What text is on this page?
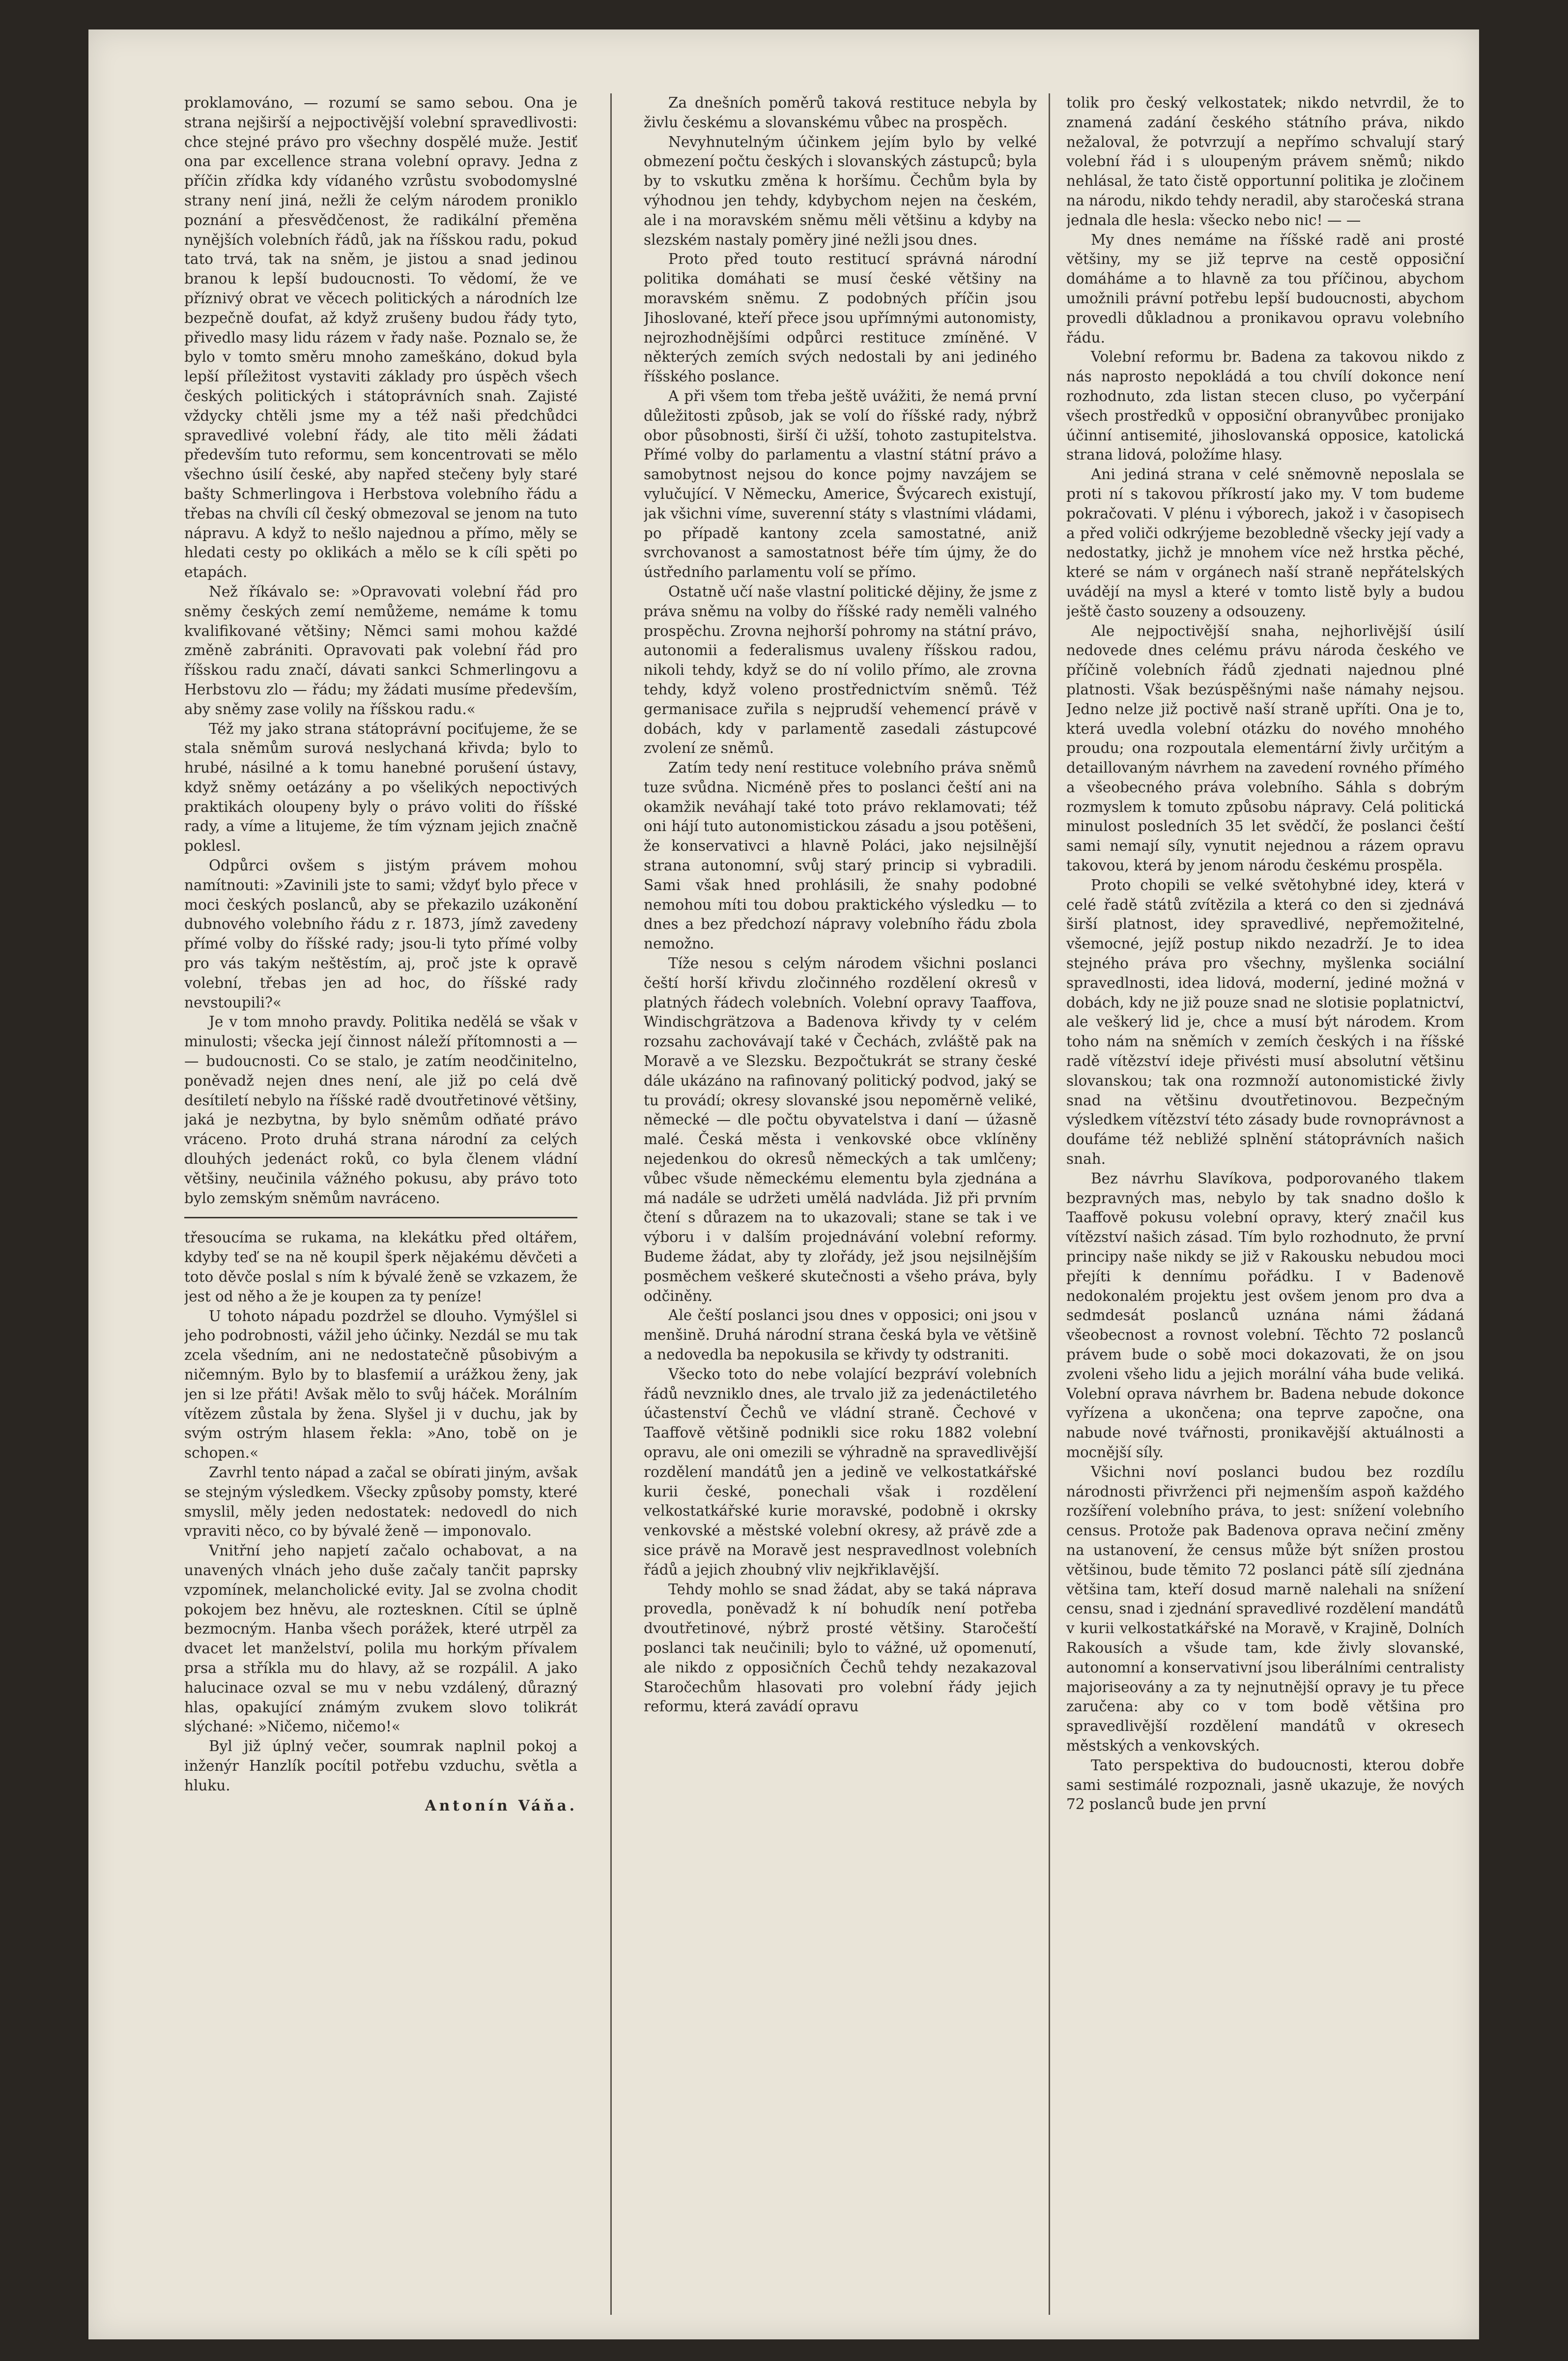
proklamováno, — rozumí se samo sebou. Ona je strana nejširší a nejpoctivější volební spravedlivosti: chce stejné právo pro všechny dospělé muže. Jestiť ona par excellence strana volební opravy. Jedna z příčin zřídka kdy vídaného vzrůstu svobodomyslné strany není jiná, nežli že celým národem proniklo poznání a přesvědčenost, že radikální přeměna nynějších volebních řádů, jak na říšskou radu, pokud tato trvá, tak na sněm, je jistou a snad jedinou branou k lepší budoucnosti. To vědomí, že ve příznivý obrat ve věcech politických a národních lze bezpečně doufat, až když zrušeny budou řády tyto, přivedlo masy lidu rázem v řady naše. Poznalo se, že bylo v tomto směru mnoho zameškáno, dokud byla lepší příležitost vystaviti základy pro úspěch všech českých politických i státoprávních snah. Zajisté vždycky chtěli jsme my a též naši předchůdci spravedlivé volební řády, ale tito měli žádati především tuto reformu, sem koncentrovati se mělo všechno úsilí české, aby napřed stečeny byly staré bašty Schmerlingova i Herbstova volebního řádu a třebas na chvíli cíl český obmezoval se jenom na tuto nápravu. A když to nešlo najednou a přímo, měly se hledati cesty po oklikách a mělo se k cíli spěti po etapách.

Než říkávalo se: »Opravovati volební řád pro sněmy českých zemí nemůžeme, nemáme k tomu kvalifikované většiny; Němci sami mohou každé změně zabrániti. Opravovati pak volební řád pro říšskou radu značí, dávati sankci Schmerlingovu a Herbstovu zlo — řádu; my žádati musíme především, aby sněmy zase volily na říšskou radu.«

Též my jako strana státoprávní pociťujeme, že se stala sněmům surová neslychaná křivda; bylo to hrubé, násilné a k tomu hanebné porušení ústavy, když sněmy oetázány a po všelikých nepoctivých praktikách oloupeny byly o právo voliti do říšské rady, a víme a litujeme, že tím význam jejich značně poklesl.

Odpůrci ovšem s jistým právem mohou namítnouti: »Zavinili jste to sami; vždyť bylo přece v moci českých poslanců, aby se překazilo uzákonění dubnového volebního řádu z r. 1873, jímž zavedeny přímé volby do říšské rady; jsou-li tyto přímé volby pro vás takým neštěstím, aj, proč jste k opravě volební, třebas jen ad hoc, do říšské rady nevstoupili?«

Je v tom mnoho pravdy. Politika nedělá se však v minulosti; všecka její činnost náleží přítomnosti a — — budoucnosti. Co se stalo, je zatím neodčinitelno, poněvadž nejen dnes není, ale již po celá dvě desítiletí nebylo na říšské radě dvoutřetinové většiny, jaká je nezbytna, by bylo sněmům odňaté právo vráceno. Proto druhá strana národní za celých dlouhých jedenáct roků, co byla členem vládní většiny, neučinila vážného pokusu, aby právo toto bylo zemským sněmům navráceno.

třesoucíma se rukama, na klekátku před oltářem, kdyby teď se na ně koupil šperk nějakému děvčeti a toto děvče poslal s ním k bývalé ženě se vzkazem, že jest od něho a že je koupen za ty peníze!

U tohoto nápadu pozdržel se dlouho. Vymýšlel si jeho podrobnosti, vážil jeho účinky. Nezdál se mu tak zcela všedním, ani ne nedostatečně působivým a ničemným. Bylo by to blasfemií a urážkou ženy, jak jen si lze přáti! Avšak mělo to svůj háček. Morálním vítězem zůstala by žena. Slyšel ji v duchu, jak by svým ostrým hlasem řekla: »Ano, tobě on je schopen.«

Zavrhl tento nápad a začal se obírati jiným, avšak se stejným výsledkem. Všecky způsoby pomsty, které smyslil, měly jeden nedostatek: nedovedl do nich vpraviti něco, co by bývalé ženě — imponovalo.

Vnitřní jeho napjetí začalo ochabovat, a na unavených vlnách jeho duše začaly tančit paprsky vzpomínek, melancholické evity. Jal se zvolna chodit pokojem bez hněvu, ale roztesknen. Cítil se úplně bezmocným. Hanba všech porážek, které utrpěl za dvacet let manželství, polila mu horkým přívalem prsa a stříkla mu do hlavy, až se rozpálil. A jako halucinace ozval se mu v nebu vzdálený, důrazný hlas, opakující známým zvukem slovo tolikrát slýchané: »Ničemo, ničemo!«

Byl již úplný večer, soumrak naplnil pokoj a inženýr Hanzlík pocítil potřebu vzduchu, světla a hluku.

Antonín Váňa.

Za dnešních poměrů taková restituce nebyla by živlu českému a slovanskému vůbec na prospěch.

Nevyhnutelným účinkem jejím bylo by velké obmezení počtu českých i slovanských zástupců; byla by to vskutku změna k horšímu. Čechům byla by výhodnou jen tehdy, kdybychom nejen na českém, ale i na moravském sněmu měli většinu a kdyby na slezském nastaly poměry jiné nežli jsou dnes.

Proto před touto restitucí správná národní politika domáhati se musí české většiny na moravském sněmu. Z podobných příčin jsou Jihoslované, kteří přece jsou upřímnými autonomisty, nejrozhodnějšími odpůrci restituce zmíněné. V některých zemích svých nedostali by ani jediného říšského poslance.

A při všem tom třeba ještě uvážiti, že nemá první důležitosti způsob, jak se volí do říšské rady, nýbrž obor působnosti, širší či užší, tohoto zastupitelstva. Přímé volby do parlamentu a vlastní státní právo a samobytnost nejsou do konce pojmy navzájem se vylučující. V Německu, Americe, Švýcarech existují, jak všichni víme, suverenní státy s vlastními vládami, po případě kantony zcela samostatné, aniž svrchovanost a samostatnost béře tím újmy, že do ústředního parlamentu volí se přímo.

Ostatně učí naše vlastní politické dějiny, že jsme z práva sněmu na volby do říšské rady neměli valného prospěchu. Zrovna nejhorší pohromy na státní právo, autonomii a federalismus uvaleny říšskou radou, nikoli tehdy, když se do ní volilo přímo, ale zrovna tehdy, když voleno prostřednictvím sněmů. Též germanisace zuřila s nejprudší vehemencí právě v dobách, kdy v parlamentě zasedali zástupcové zvolení ze sněmů.

Zatím tedy není restituce volebního práva sněmů tuze svůdna. Nicméně přes to poslanci čeští ani na okamžik neváhají také toto právo reklamovati; též oni hájí tuto autonomistickou zásadu a jsou potěšeni, že konservativci a hlavně Poláci, jako nejsilnější strana autonomní, svůj starý princip si vybradili. Sami však hned prohlásili, že snahy podobné nemohou míti tou dobou praktického výsledku — to dnes a bez předchozí nápravy volebního řádu zbola nemožno.

Tíže nesou s celým národem všichni poslanci čeští horší křivdu zločinného rozdělení okresů v platných řádech volebních. Volební opravy Taaffova, Windischgrätzova a Badenova křivdy ty v celém rozsahu zachovávají také v Čechách, zvláště pak na Moravě a ve Slezsku. Bezpočtukrát se strany české dále ukázáno na rafinovaný politický podvod, jaký se tu provádí; okresy slovanské jsou nepoměrně veliké, německé — dle počtu obyvatelstva i daní — úžasně malé. Česká města i venkovské obce vklíněny nejedenkou do okresů německých a tak umlčeny; vůbec všude německému elementu byla zjednána a má nadále se udržeti umělá nadvláda. Již při prvním čtení s důrazem na to ukazovali; stane se tak i ve výboru i v dalším projednávání volební reformy. Budeme žádat, aby ty zlořády, jež jsou nejsilnějším posměchem veškeré skutečnosti a všeho práva, byly odčiněny.

Ale čeští poslanci jsou dnes v opposici; oni jsou v menšině. Druhá národní strana česká byla ve většině a nedovedla ba nepokusila se křivdy ty odstraniti.

Všecko toto do nebe volající bezpráví volebních řádů nevzniklo dnes, ale trvalo již za jedenáctiletého účastenství Čechů ve vládní straně. Čechové v Taaffově většině podnikli sice roku 1882 volební opravu, ale oni omezili se výhradně na spravedlivější rozdělení mandátů jen a jedině ve velkostatkářské kurii české, ponechali však i rozdělení velkostatkářské kurie moravské, podobně i okrsky venkovské a městské volební okresy, až právě zde a sice právě na Moravě jest nespravedlnost volebních řádů a jejich zhoubný vliv nejkřiklavější.

Tehdy mohlo se snad žádat, aby se taká náprava provedla, poněvadž k ní bohudík není potřeba dvoutřetinové, nýbrž prosté většiny. Staročeští poslanci tak neučinili; bylo to vážné, už opomenutí, ale nikdo z opposičních Čechů tehdy nezakazoval Staročechům hlasovati pro volební řády jejich reformu, která zavádí opravu

tolik pro český velkostatek; nikdo netvrdil, že to znamená zadání českého státního práva, nikdo nežaloval, že potvrzují a nepřímo schvalují starý volební řád i s uloupeným právem sněmů; nikdo nehlásal, že tato čistě opportunní politika je zločinem na národu, nikdo tehdy neradil, aby staročeská strana jednala dle hesla: všecko nebo nic! — —

My dnes nemáme na říšské radě ani prosté většiny, my se již teprve na cestě opposiční domáháme a to hlavně za tou příčinou, abychom umožnili právní potřebu lepší budoucnosti, abychom provedli důkladnou a pronikavou opravu volebního řádu.

Volební reformu br. Badena za takovou nikdo z nás naprosto nepokládá a tou chvílí dokonce není rozhodnuto, zda listan stecen cluso, po vyčerpání všech prostředků v opposiční obranyvůbec pronijako účinní antisemité, jihoslovanská opposice, katolická strana lidová, položíme hlasy.

Ani jediná strana v celé sněmovně neposlala se proti ní s takovou příkrostí jako my. V tom budeme pokračovati. V plénu i výborech, jakož i v časopisech a před voliči odkrýjeme bezobledně všecky její vady a nedostatky, jichž je mnohem více než hrstka pěché, které se nám v orgánech naší straně nepřátelských uvádějí na mysl a které v tomto listě byly a budou ještě často souzeny a odsouzeny.

Ale nejpoctivější snaha, nejhorlivější úsilí nedovede dnes celému právu národa českého ve příčině volebních řádů zjednati najednou plné platnosti. Však bezúspěšnými naše námahy nejsou. Jedno nelze již poctivě naší straně upříti. Ona je to, která uvedla volební otázku do nového mnohého proudu; ona rozpoutala elementární živly určitým a detaillovaným návrhem na zavedení rovného přímého a všeobecného práva volebního. Sáhla s dobrým rozmyslem k tomuto způsobu nápravy. Celá politická minulost posledních 35 let svědčí, že poslanci čeští sami nemají síly, vynutit nejednou a rázem opravu takovou, která by jenom národu českému prospěla.

Proto chopili se velké světohybné idey, která v celé řadě států zvítězila a která co den si zjednává širší platnost, idey spravedlivé, nepřemožitelné, všemocné, jejíž postup nikdo nezadrží. Je to idea stejného práva pro všechny, myšlenka sociální spravedlnosti, idea lidová, moderní, jediné možná v dobách, kdy ne již pouze snad ne slotisie poplatnictví, ale veškerý lid je, chce a musí být národem. Krom toho nám na sněmích v zemích českých i na říšské radě vítězství ideje přivésti musí absolutní většinu slovanskou; tak ona rozmnoží autonomistické živly snad na většinu dvoutřetinovou. Bezpečným výsledkem vítězství této zásady bude rovnoprávnost a doufáme též nebližé splnění státoprávních našich snah.

Bez návrhu Slavíkova, podporovaného tlakem bezpravných mas, nebylo by tak snadno došlo k Taaffově pokusu volební opravy, který značil kus vítězství našich zásad. Tím bylo rozhodnuto, že první principy naše nikdy se již v Rakousku nebudou moci přejíti k dennímu pořádku. I v Badenově nedokonalém projektu jest ovšem jenom pro dva a sedmdesát poslanců uznána námi žádaná všeobecnost a rovnost volební. Těchto 72 poslanců právem bude o sobě moci dokazovati, že on jsou zvoleni všeho lidu a jejich morální váha bude veliká. Volební oprava návrhem br. Badena nebude dokonce vyřízena a ukončena; ona teprve započne, ona nabude nové tvářnosti, pronikavější aktuálnosti a mocnější síly.

Všichni noví poslanci budou bez rozdílu národnosti přivrženci při nejmenším aspoň každého rozšíření volebního práva, to jest: snížení volebního census. Protože pak Badenova oprava nečiní změny na ustanovení, že census může být snížen prostou většinou, bude těmito 72 poslanci pátě sílí zjednána většina tam, kteří dosud marně nalehali na snížení censu, snad i zjednání spravedlivé rozdělení mandátů v kurii velkostatkářské na Moravě, v Krajině, Dolních Rakousích a všude tam, kde živly slovanské, autonomní a konservativní jsou liberálními centralisty majoriseovány a za ty nejnutnější opravy je tu přece zaručena: aby co v tom bodě většina pro spravedlivější rozdělení mandátů v okresech městských a venkovských.

Tato perspektiva do budoucnosti, kterou dobře sami sestimálé rozpoznali, jasně ukazuje, že nových 72 poslanců bude jen první
